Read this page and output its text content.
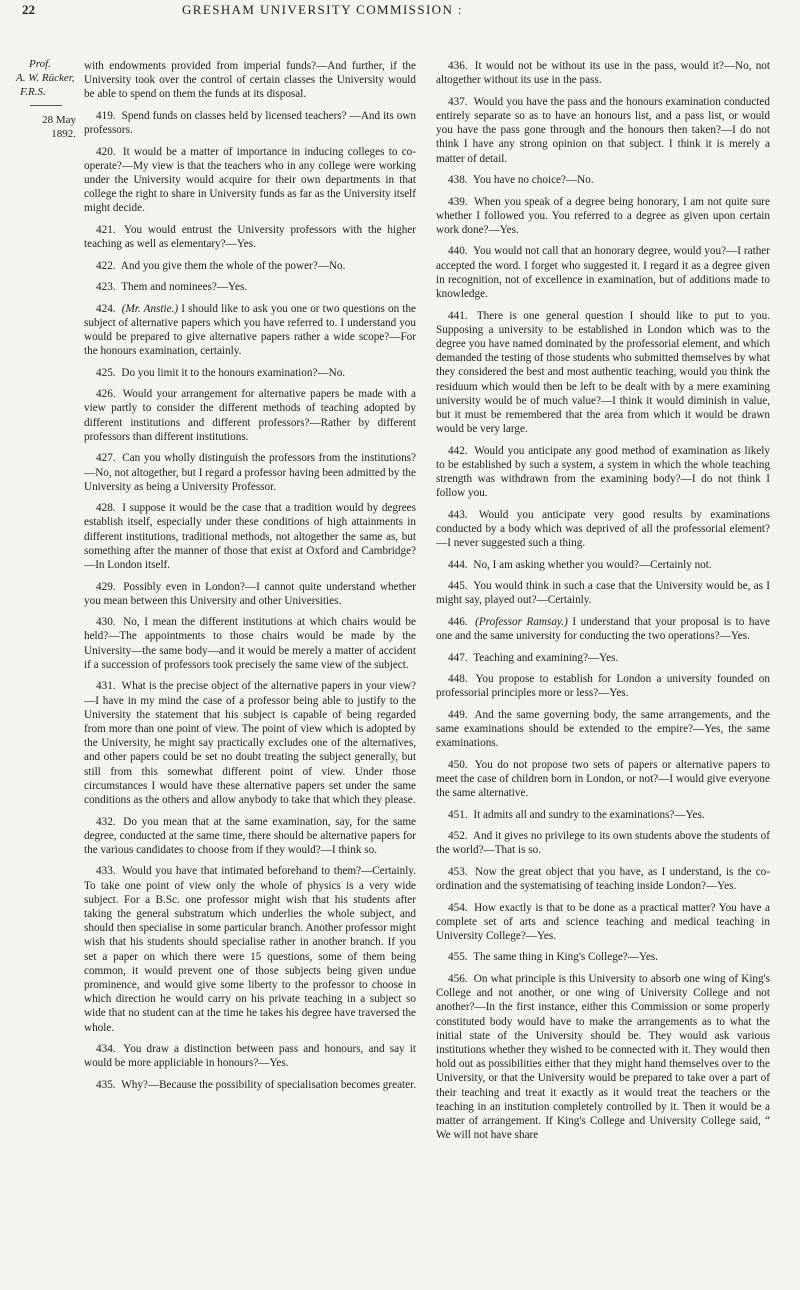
22	GRESHAM UNIVERSITY COMMISSION :
Prof.
A. W. Rücker,
F.R.S.
28 May 1892.

with endowments provided from imperial funds?—And further, if the University took over the control of certain classes the University would be able to spend on them the funds at its disposal.

419. Spend funds on classes held by licensed teachers? —And its own professors.

420. It would be a matter of importance in inducing colleges to co-operate?—My view is that the teachers who in any college were working under the University would acquire for their own departments in that college the right to share in University funds as far as the University itself might decide.

421. You would entrust the University professors with the higher teaching as well as elementary?—Yes.

422. And you give them the whole of the power?—No.

423. Them and nominees?—Yes.

424. (Mr. Anstie.) I should like to ask you one or two questions on the subject of alternative papers which you have referred to. I understand you would be prepared to give alternative papers rather a wide scope?—For the honours examination, certainly.

425. Do you limit it to the honours examination?—No.

426. Would your arrangement for alternative papers be made with a view partly to consider the different methods of teaching adopted by different institutions and different professors?—Rather by different professors than different institutions.

427. Can you wholly distinguish the professors from the institutions?—No, not altogether, but I regard a professor having been admitted by the University as being a University Professor.

428. I suppose it would be the case that a tradition would by degrees establish itself, especially under these conditions of high attainments in different institutions, traditional methods, not altogether the same as, but something after the manner of those that exist at Oxford and Cambridge?—In London itself.

429. Possibly even in London?—I cannot quite understand whether you mean between this University and other Universities.

430. No, I mean the different institutions at which chairs would be held?—The appointments to those chairs would be made by the University—the same body—and it would be merely a matter of accident if a succession of professors took precisely the same view of the subject.

431. What is the precise object of the alternative papers in your view?—I have in my mind the case of a professor being able to justify to the University the statement that his subject is capable of being regarded from more than one point of view. The point of view which is adopted by the University, he might say practically excludes one of the alternatives, and other papers could be set no doubt treating the subject generally, but still from this somewhat different point of view. Under those circumstances I would have these alternative papers set under the same conditions as the others and allow anybody to take that which they please.

432. Do you mean that at the same examination, say, for the same degree, conducted at the same time, there should be alternative papers for the various candidates to choose from if they would?—I think so.

433. Would you have that intimated beforehand to them?—Certainly. To take one point of view only the whole of physics is a very wide subject. For a B.Sc. one professor might wish that his students after taking the general substratum which underlies the whole subject, and should then specialise in some particular branch. Another professor might wish that his students should specialise rather in another branch. If you set a paper on which there were 15 questions, some of them being common, it would prevent one of those subjects being given undue prominence, and would give some liberty to the professor to choose in which direction he would carry on his private teaching in a subject so wide that no student can at the time he takes his degree have traversed the whole.

434. You draw a distinction between pass and honours, and say it would be more appliciable in honours?—Yes.

435. Why?—Because the possibility of specialisation becomes greater.

436. It would not be without its use in the pass, would it?—No, not altogether without its use in the pass.

437. Would you have the pass and the honours examination conducted entirely separate so as to have an honours list, and a pass list, or would you have the pass gone through and the honours then taken?—I do not think I have any strong opinion on that subject. I think it is merely a matter of detail.

438. You have no choice?—No.

439. When you speak of a degree being honorary, I am not quite sure whether I followed you. You referred to a degree as given upon certain work done?—Yes.

440. You would not call that an honorary degree, would you?—I rather accepted the word. I forget who suggested it. I regard it as a degree given in recognition, not of excellence in examination, but of additions made to knowledge.

441. There is one general question I should like to put to you. Supposing a university to be established in London which was to the degree you have named dominated by the professorial element, and which demanded the testing of those students who submitted themselves by what they considered the best and most authentic teaching, would you think the residuum which would then be left to be dealt with by a mere examining university would be of much value?—I think it would diminish in value, but it must be remembered that the area from which it would be drawn would be very large.

442. Would you anticipate any good method of examination as likely to be established by such a system, a system in which the whole teaching strength was withdrawn from the examining body?—I do not think I follow you.

443. Would you anticipate very good results by examinations conducted by a body which was deprived of all the professorial element?—I never suggested such a thing.

444. No, I am asking whether you would?—Certainly not.

445. You would think in such a case that the University would be, as I might say, played out?—Certainly.

446. (Professor Ramsay.) I understand that your proposal is to have one and the same university for conducting the two operations?—Yes.

447. Teaching and examining?—Yes.

448. You propose to establish for London a university founded on professorial principles more or less?—Yes.

449. And the same governing body, the same arrangements, and the same examinations should be extended to the empire?—Yes, the same examinations.

450. You do not propose two sets of papers or alternative papers to meet the case of children born in London, or not?—I would give everyone the same alternative.

451. It admits all and sundry to the examinations?—Yes.

452. And it gives no privilege to its own students above the students of the world?—That is so.

453. Now the great object that you have, as I understand, is the co-ordination and the systematising of teaching inside London?—Yes.

454. How exactly is that to be done as a practical matter? You have a complete set of arts and science teaching and medical teaching in University College?—Yes.

455. The same thing in King's College?—Yes.

456. On what principle is this University to absorb one wing of King's College and not another, or one wing of University College and not another?—In the first instance, either this Commission or some properly constituted body would have to make the arrangements as to what the initial state of the University should be. They would ask various institutions whether they wished to be connected with it. They would then hold out as possibilities either that they might hand themselves over to the University, or that the University would be prepared to take over a part of their teaching and treat it exactly as it would treat the teachers or the teaching in an institution completely controlled by it. Then it would be a matter of arrangement. If King's College and University College said, “ We will not have share
